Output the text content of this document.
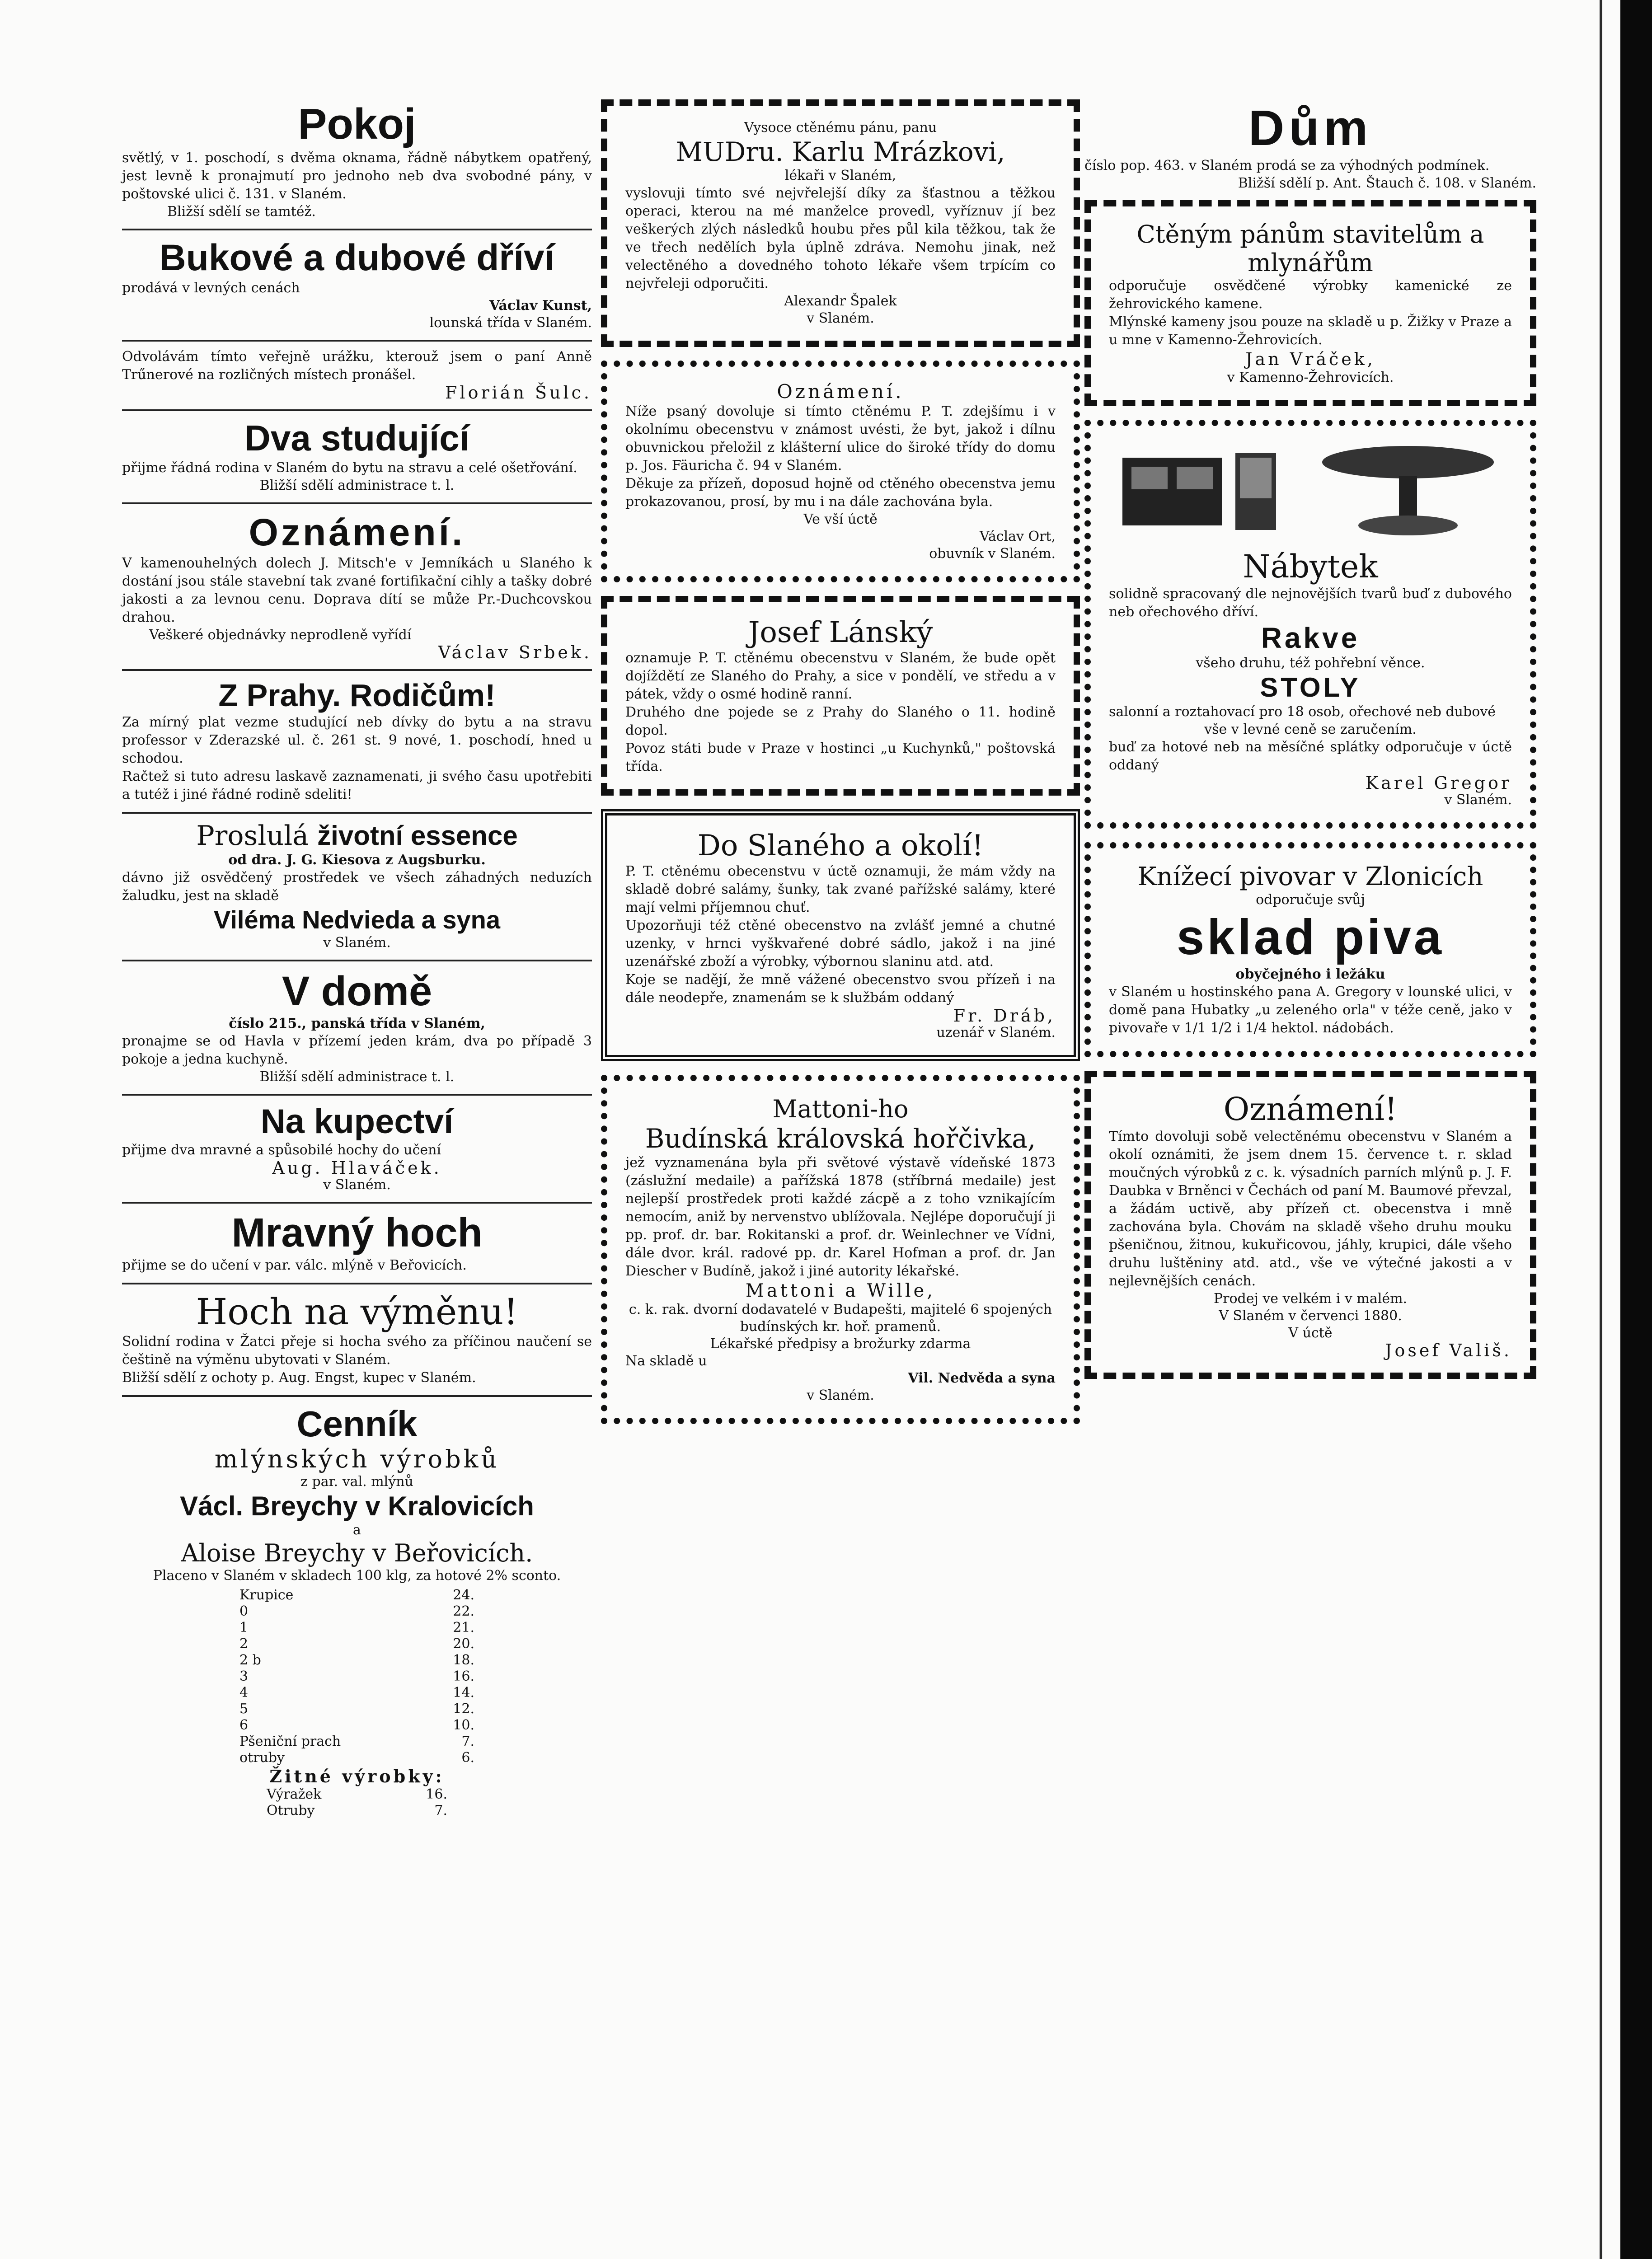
Pokoj
světlý, v 1. poschodí, s dvěma oknama, řádně nábytkem opatřený, jest levně k pronajmutí pro jednoho neb dva svobodné pány, v poštovské ulici č. 131. v Slaném.
Bližší sdělí se tamtéž.
Bukové a dubové dříví
prodává v levných cenách
Václav Kunst,
lounská třída v Slaném.
Odvolávám tímto veřejně urážku, kterouž jsem o paní Anně Trűnerové na rozličných místech pronášel.
Florián Šulc.
Dva studující
přijme řádná rodina v Slaném do bytu na stravu a celé ošetřování.
Bližší sdělí administrace t. l.
Oznámení.
V kamenouhelných dolech J. Mitsch'e v Jemníkách u Slaného k dostání jsou stále stavební tak zvané fortifikační cihly a tašky dobré jakosti a za levnou cenu. Doprava dítí se může Pr.-Duchcovskou drahou.
Veškeré objednávky neprodleně vyřídí
Václav Srbek.
Z Prahy. Rodičům!
Za mírný plat vezme studující neb dívky do bytu a na stravu professor v Zderazské ul. č. 261 st. 9 nové, 1. poschodí, hned u schodou.
Račtež si tuto adresu laskavě zaznamenati, ji svého času upotřebiti a tutéž i jiné řádné rodině sdeliti!
Proslulá životní essence
od dra. J. G. Kiesova z Augsburku.
dávno již osvědčený prostředek ve všech záhadných neduzích žaludku, jest na skladě
Viléma Nedvieda a syna
v Slaném.
V domě
číslo 215., panská třída v Slaném,
pronajme se od Havla v přízemí jeden krám, dva po případě 3 pokoje a jedna kuchyně.
Bližší sdělí administrace t. l.
Na kupectví
přijme dva mravné a spůsobilé hochy do učení
Aug. Hlaváček.
v Slaném.
Mravný hoch
přijme se do učení v par. válc. mlýně v Beřovicích.
Hoch na výměnu!
Solidní rodina v Žatci přeje si hocha svého za příčinou naučení se češtině na výměnu ubytovati v Slaném.
Bližší sdělí z ochoty p. Aug. Engst, kupec v Slaném.
Cenník
mlýnských výrobků
z par. val. mlýnů
Václ. Breychy v Kralovicích
a
Aloise Breychy v Beřovicích.
Placeno v Slaném v skladech 100 klg, za hotové 2% sconto.
Krupice	24.
0	22.
1	21.
2	20.
2 b	18.
3	16.
4	14.
5	12.
6	10.
Pšeniční prach	7.
otruby	6.
Žitné výrobky:
Výražek	16.
Otruby	7.
Vysoce ctěnému pánu, panu
MUDru. Karlu Mrázkovi,
lékaři v Slaném,
vyslovuji tímto své nejvřelejší díky za šťastnou a těžkou operaci, kterou na mé manželce provedl, vyříznuv jí bez veškerých zlých následků houbu přes půl kila těžkou, tak že ve třech nedělích byla úplně zdráva. Nemohu jinak, než velectěného a dovedného tohoto lékaře všem trpícím co nejvřeleji odporučiti.
Alexandr Špalek
v Slaném.
Oznámení.
Níže psaný dovoluje si tímto ctěnému P. T. zdejšímu i v okolnímu obecenstvu v známost uvésti, že byt, jakož i dílnu obuvnickou přeložil z klášterní ulice do široké třídy do domu p. Jos. Fäuricha č. 94 v Slaném.
Děkuje za přízeň, doposud hojně od ctěného obecenstva jemu prokazovanou, prosí, by mu i na dále zachována byla.
Ve vší úctě
Václav Ort,
obuvník v Slaném.
Josef Lánský
oznamuje P. T. ctěnému obecenstvu v Slaném, že bude opět dojíždětí ze Slaného do Prahy, a sice v pondělí, ve středu a v pátek, vždy o osmé hodině ranní.
Druhého dne pojede se z Prahy do Slaného o 11. hodině dopol.
Povoz státi bude v Praze v hostinci „u Kuchynků," poštovská třída.
Do Slaného a okolí!
P. T. ctěnému obecenstvu v úctě oznamuji, že mám vždy na skladě dobré salámy, šunky, tak zvané pařížské salámy, které mají velmi příjemnou chuť.
Upozorňuji též ctěné obecenstvo na zvlášť jemné a chutné uzenky, v hrnci vyškvařené dobré sádlo, jakož i na jiné uzenářské zboží a výrobky, výbornou slaninu atd. atd.
Koje se nadějí, že mně vážené obecenstvo svou přízeň i na dále neodepře, znamenám se k službám oddaný
Fr. Dráb,
uzenář v Slaném.
Mattoni-ho
Budínská královská hořčivka,
jež vyznamenána byla při světové výstavě vídeňské 1873 (záslužní medaile) a pařížská 1878 (stříbrná medaile) jest nejlepší prostředek proti každé zácpě a z toho vznikajícím nemocím, aniž by nervenstvo ublížovala. Nejlépe doporučují ji pp. prof. dr. bar. Rokitanski a prof. dr. Weinlechner ve Vídni, dále dvor. král. radové pp. dr. Karel Hofman a prof. dr. Jan Diescher v Budíně, jakož i jiné autority lékařské.
Mattoni a Wille,
c. k. rak. dvorní dodavatelé v Budapešti, majitelé 6 spojených budínských kr. hoř. pramenů.
Lékařské předpisy a brožurky zdarma
Na skladě u
Vil. Nedvěda a syna
v Slaném.
Dům
číslo pop. 463. v Slaném prodá se za výhodných podmínek.
Bližší sdělí p. Ant. Štauch č. 108. v Slaném.
Ctěným pánům stavitelům a mlynářům
odporučuje osvědčené výrobky kamenické ze žehrovického kamene.
Mlýnské kameny jsou pouze na skladě u p. Žižky v Praze a u mne v Kamenno-Žehrovicích.
Jan Vráček,
v Kamenno-Žehrovicích.
Nábytek
solidně spracovaný dle nejnovějších tvarů buď z dubového neb ořechového dříví.
Rakve
všeho druhu, též pohřební věnce.
STOLY
salonní a roztahovací pro 18 osob, ořechové neb dubové
vše v levné ceně se zaručením.
buď za hotové neb na měsíčné splátky odporučuje v úctě oddaný
Karel Gregor
v Slaném.
Knížecí pivovar v Zlonicích
odporučuje svůj
sklad piva
obyčejného i ležáku
v Slaném u hostinského pana A. Gregory v lounské ulici, v domě pana Hubatky „u zeleného orla" v téže ceně, jako v pivovaře v 1/1 1/2 i 1/4 hektol. nádobách.
Oznámení!
Tímto dovoluji sobě velectěnému obecenstvu v Slaném a okolí oznámiti, že jsem dnem 15. července t. r. sklad moučných výrobků z c. k. výsadních parních mlýnů p. J. F. Daubka v Brněnci v Čechách od paní M. Baumové převzal, a žádám uctivě, aby přízeň ct. obecenstva i mně zachována byla. Chovám na skladě všeho druhu mouku pšeničnou, žitnou, kukuřicovou, jáhly, krupici, dále všeho druhu luštěniny atd. atd., vše ve výtečné jakosti a v nejlevnějších cenách.
Prodej ve velkém i v malém.
V Slaném v červenci 1880.
V úctě
Josef Vališ.
